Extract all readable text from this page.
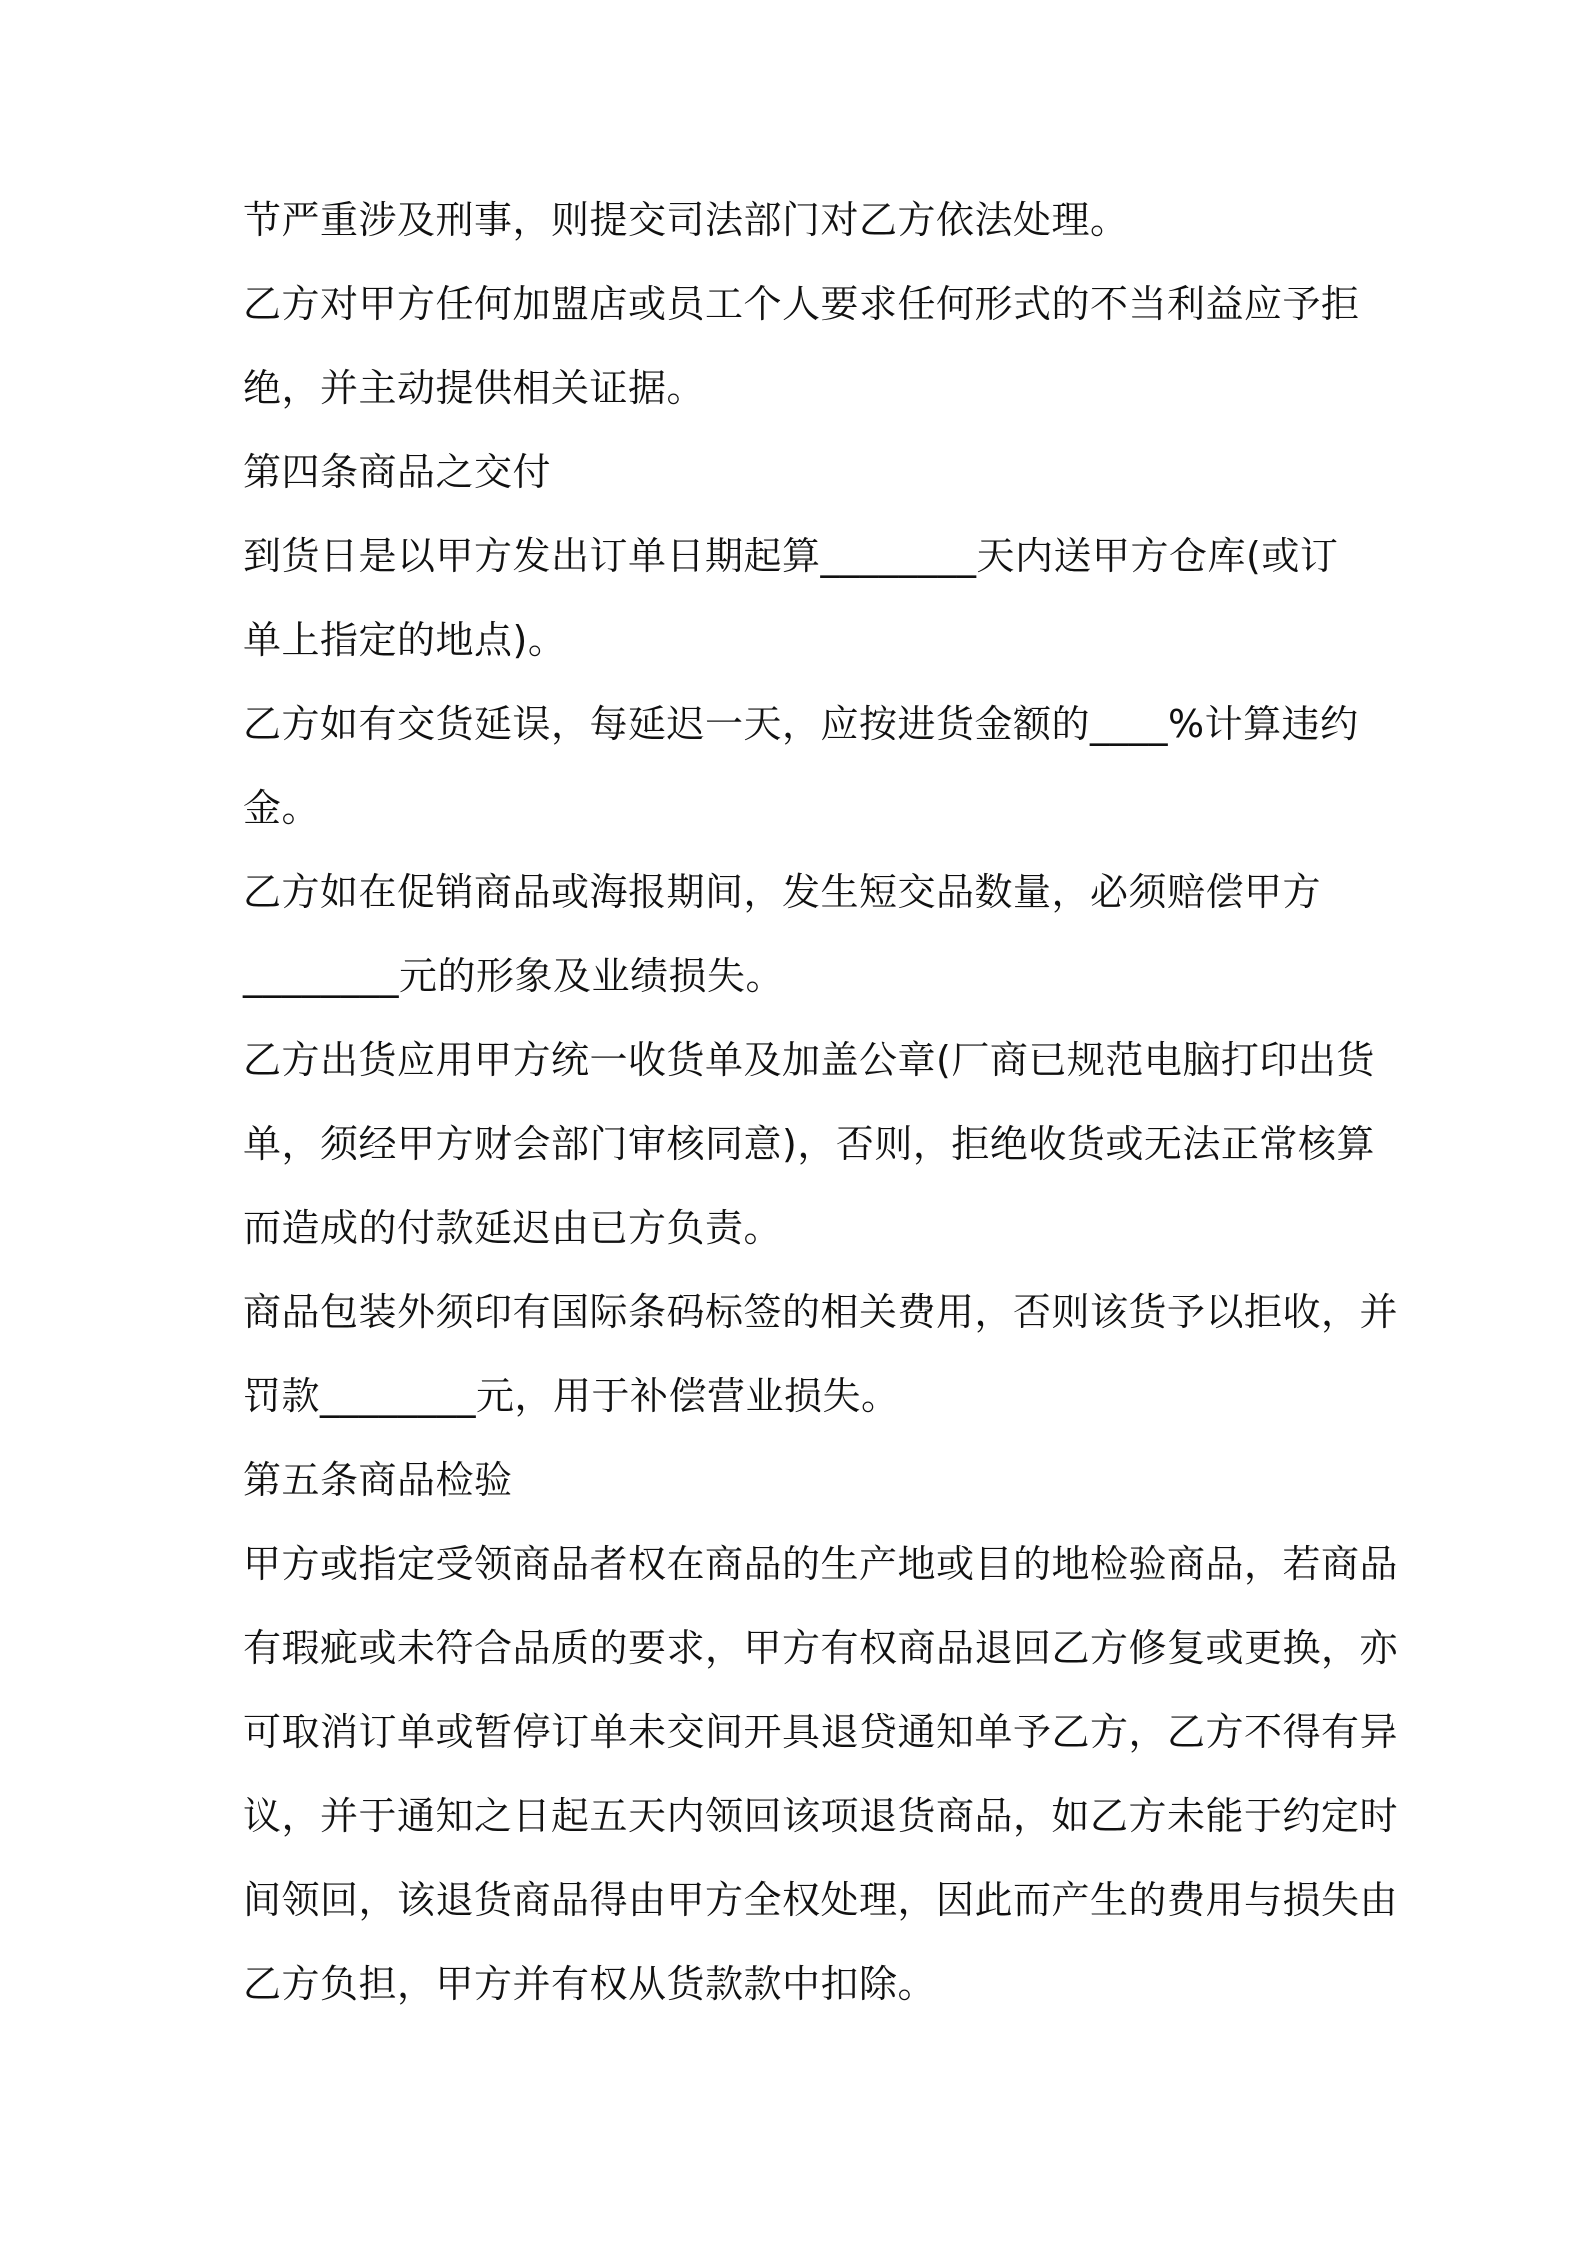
节严重涉及刑事，则提交司法部门对乙方依法处理。
乙方对甲方任何加盟店或员工个人要求任何形式的不当利益应予拒
绝，并主动提供相关证据。
第四条商品之交付
到货日是以甲方发出订单日期起算________天内送甲方仓库(或订
单上指定的地点)。
乙方如有交货延误，每延迟一天，应按进货金额的____%计算违约
金。
乙方如在促销商品或海报期间，发生短交品数量，必须赔偿甲方
________元的形象及业绩损失。
乙方出货应用甲方统一收货单及加盖公章(厂商已规范电脑打印出货
单，须经甲方财会部门审核同意)，否则，拒绝收货或无法正常核算
而造成的付款延迟由已方负责。
商品包装外须印有国际条码标签的相关费用，否则该货予以拒收，并
罚款________元，用于补偿营业损失。
第五条商品检验
甲方或指定受领商品者权在商品的生产地或目的地检验商品，若商品
有瑕疵或未符合品质的要求，甲方有权商品退回乙方修复或更换，亦
可取消订单或暂停订单未交间开具退贷通知单予乙方，乙方不得有异
议，并于通知之日起五天内领回该项退货商品，如乙方未能于约定时
间领回，该退货商品得由甲方全权处理，因此而产生的费用与损失由
乙方负担，甲方并有权从货款款中扣除。
